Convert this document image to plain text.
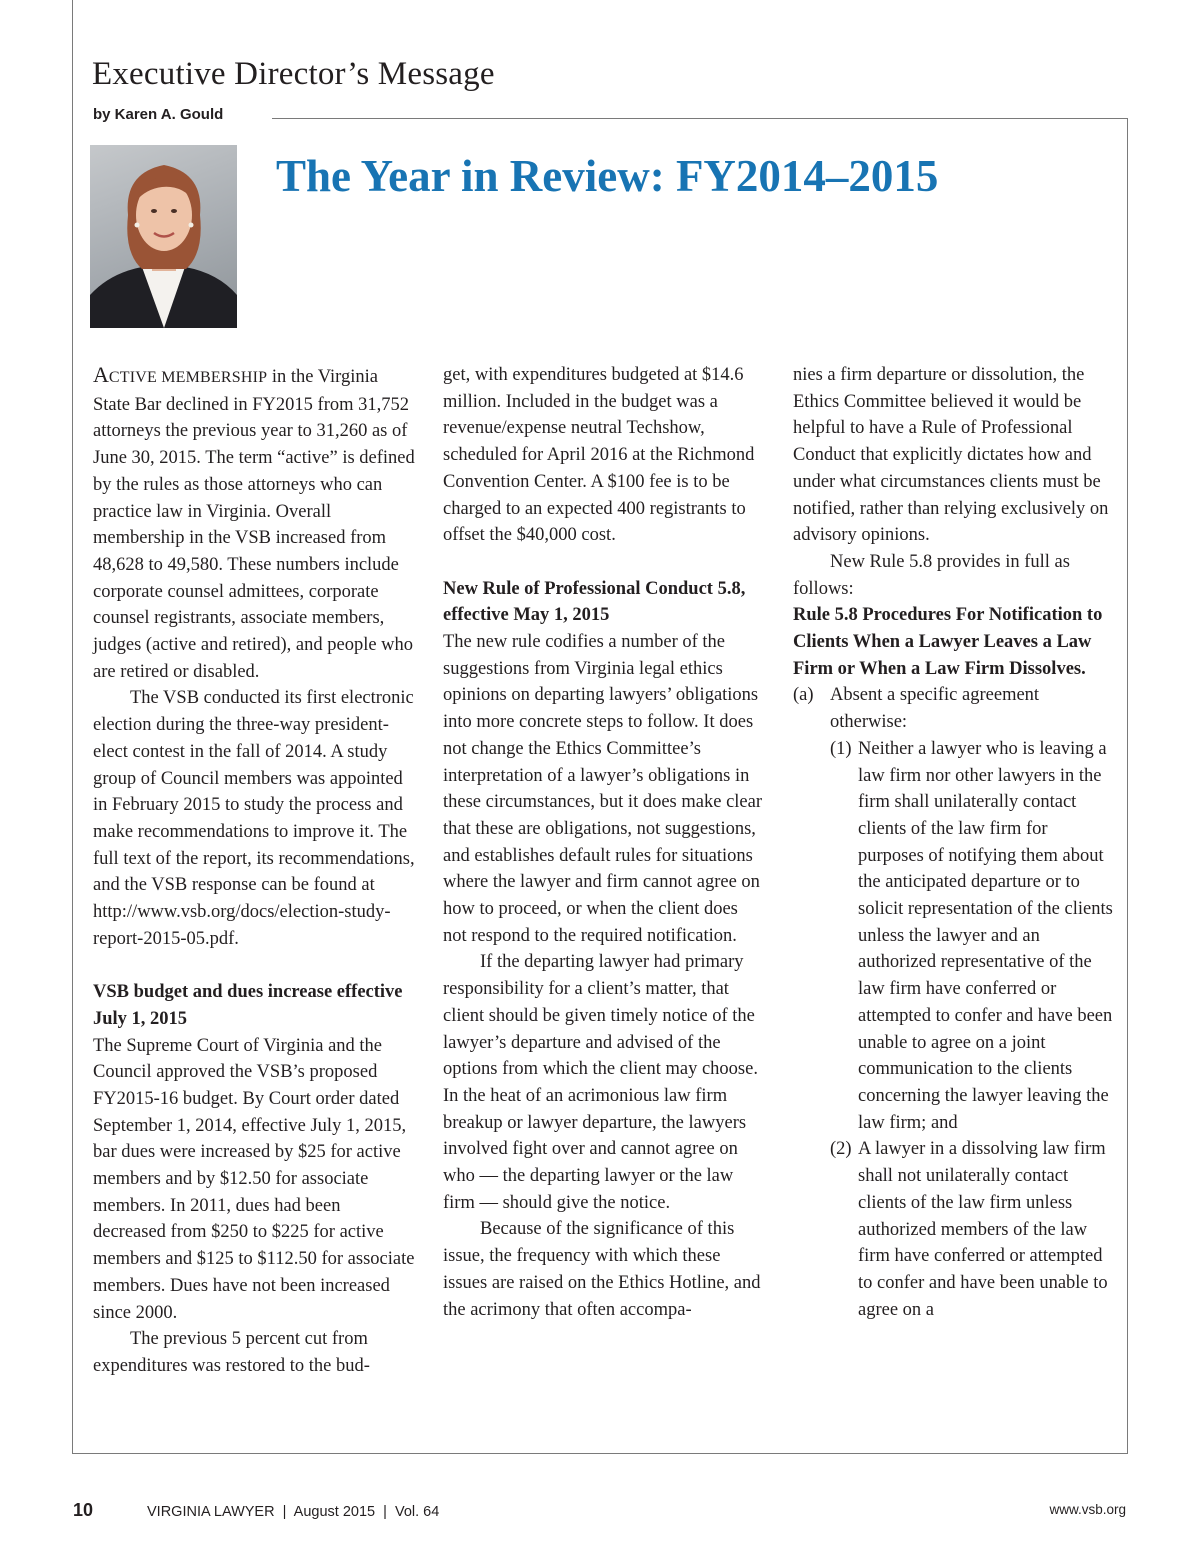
Executive Director’s Message
by Karen A. Gould
The Year in Review: FY2014–2015

ACTIVE MEMBERSHIP in the Virginia State Bar declined in FY2015 from 31,752 attorneys the previous year to 31,260 as of June 30, 2015. The term “active” is defined by the rules as those attorneys who can practice law in Virginia. Overall membership in the VSB increased from 48,628 to 49,580. These numbers include corporate counsel admittees, corporate counsel registrants, associate members, judges (active and retired), and people who are retired or disabled.

The VSB conducted its first electronic election during the three-way president-elect contest in the fall of 2014. A study group of Council members was appointed in February 2015 to study the process and make recommendations to improve it. The full text of the report, its recommendations, and the VSB response can be found at http://www.vsb.org/docs/election-study-report-2015-05.pdf.

VSB budget and dues increase effective July 1, 2015

The Supreme Court of Virginia and the Council approved the VSB’s proposed FY2015-16 budget. By Court order dated September 1, 2014, effective July 1, 2015, bar dues were increased by $25 for active members and by $12.50 for associate members. In 2011, dues had been decreased from $250 to $225 for active members and $125 to $112.50 for associate members. Dues have not been increased since 2000.

The previous 5 percent cut from expenditures was restored to the bud-

get, with expenditures budgeted at $14.6 million. Included in the budget was a revenue/expense neutral Techshow, scheduled for April 2016 at the Richmond Convention Center. A $100 fee is to be charged to an expected 400 registrants to offset the $40,000 cost.

New Rule of Professional Conduct 5.8, effective May 1, 2015

The new rule codifies a number of the suggestions from Virginia legal ethics opinions on departing lawyers’ obligations into more concrete steps to follow. It does not change the Ethics Committee’s interpretation of a lawyer’s obligations in these circumstances, but it does make clear that these are obligations, not suggestions, and establishes default rules for situations where the lawyer and firm cannot agree on how to proceed, or when the client does not respond to the required notification.

If the departing lawyer had primary responsibility for a client’s matter, that client should be given timely notice of the lawyer’s departure and advised of the options from which the client may choose. In the heat of an acrimonious law firm breakup or lawyer departure, the lawyers involved fight over and cannot agree on who — the departing lawyer or the law firm — should give the notice.

Because of the significance of this issue, the frequency with which these issues are raised on the Ethics Hotline, and the acrimony that often accompa-

nies a firm departure or dissolution, the Ethics Committee believed it would be helpful to have a Rule of Professional Conduct that explicitly dictates how and under what circumstances clients must be notified, rather than relying exclusively on advisory opinions.

New Rule 5.8 provides in full as follows:

Rule 5.8 Procedures For Notification to Clients When a Lawyer Leaves a Law Firm or When a Law Firm Dissolves.

(a) Absent a specific agreement otherwise:
(1) Neither a lawyer who is leaving a law firm nor other lawyers in the firm shall unilaterally contact clients of the law firm for purposes of notifying them about the anticipated departure or to solicit representation of the clients unless the lawyer and an authorized representative of the law firm have conferred or attempted to confer and have been unable to agree on a joint communication to the clients concerning the lawyer leaving the law firm; and
(2) A lawyer in a dissolving law firm shall not unilaterally contact clients of the law firm unless authorized members of the law firm have conferred or attempted to confer and have been unable to agree on a
10	VIRGINIA LAWYER  |  August 2015  |  Vol. 64	www.vsb.org
